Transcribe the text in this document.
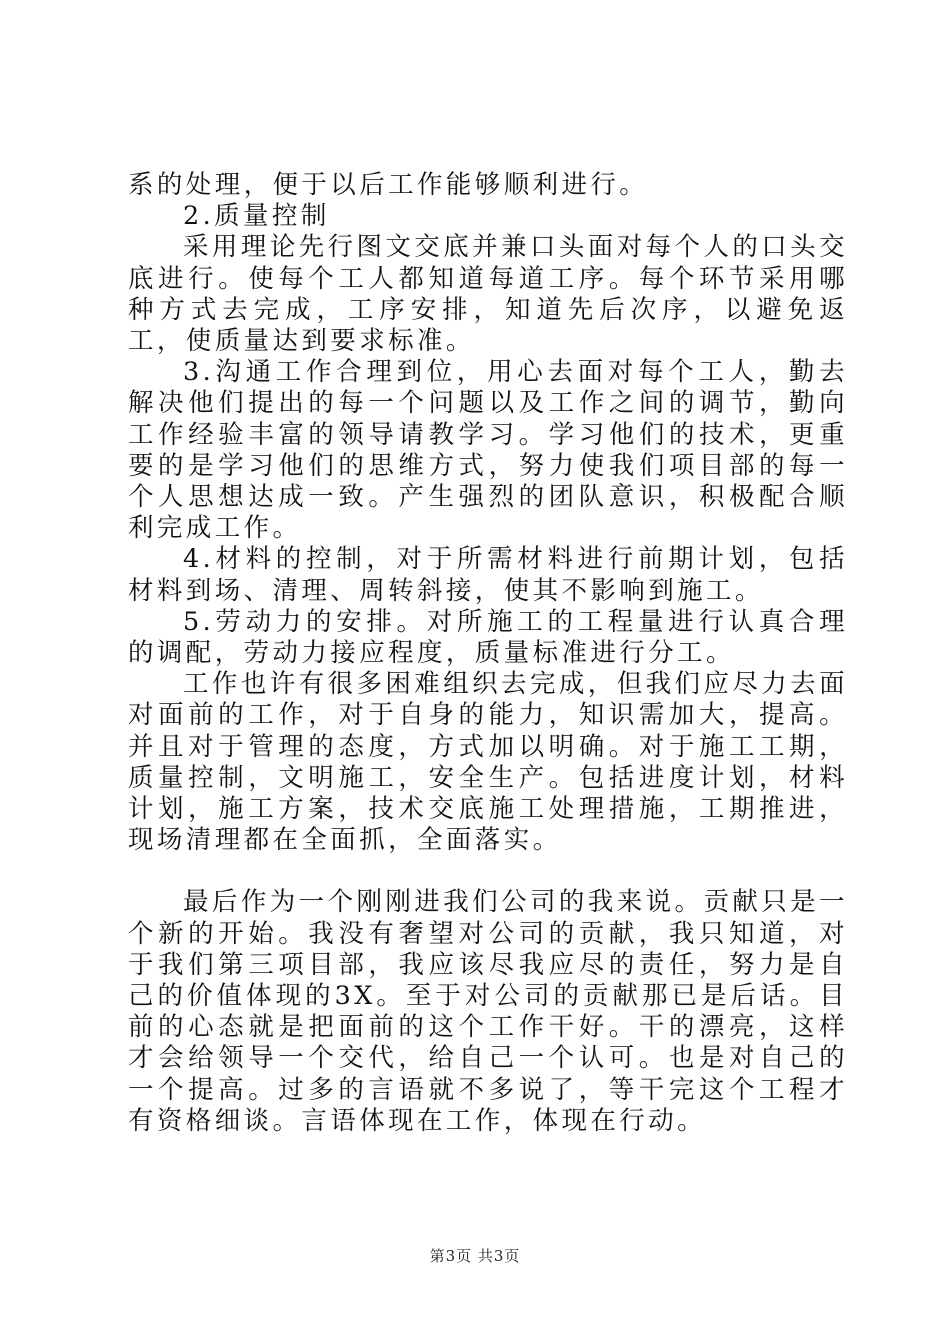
系的处理，便于以后工作能够顺利进行。

2.质量控制

采用理论先行图文交底并兼口头面对每个人的口头交底进行。使每个工人都知道每道工序。每个环节采用哪种方式去完成，工序安排，知道先后次序，以避免返工，使质量达到要求标准。

3.沟通工作合理到位，用心去面对每个工人，勤去解决他们提出的每一个问题以及工作之间的调节，勤向工作经验丰富的领导请教学习。学习他们的技术，更重要的是学习他们的思维方式，努力使我们项目部的每一个人思想达成一致。产生强烈的团队意识，积极配合顺利完成工作。

4.材料的控制，对于所需材料进行前期计划，包括材料到场、清理、周转斜接，使其不影响到施工。

5.劳动力的安排。对所施工的工程量进行认真合理的调配，劳动力接应程度，质量标准进行分工。

工作也许有很多困难组织去完成，但我们应尽力去面对面前的工作，对于自身的能力，知识需加大，提高。并且对于管理的态度，方式加以明确。对于施工工期，质量控制，文明施工，安全生产。包括进度计划，材料计划，施工方案，技术交底施工处理措施，工期推进，现场清理都在全面抓，全面落实。

最后作为一个刚刚进我们公司的我来说。贡献只是一个新的开始。我没有奢望对公司的贡献，我只知道，对于我们第三项目部，我应该尽我应尽的责任，努力是自己的价值体现的3X。至于对公司的贡献那已是后话。目前的心态就是把面前的这个工作干好。干的漂亮，这样才会给领导一个交代，给自己一个认可。也是对自己的一个提高。过多的言语就不多说了，等干完这个工程才有资格细谈。言语体现在工作，体现在行动。

第3页 共3页
